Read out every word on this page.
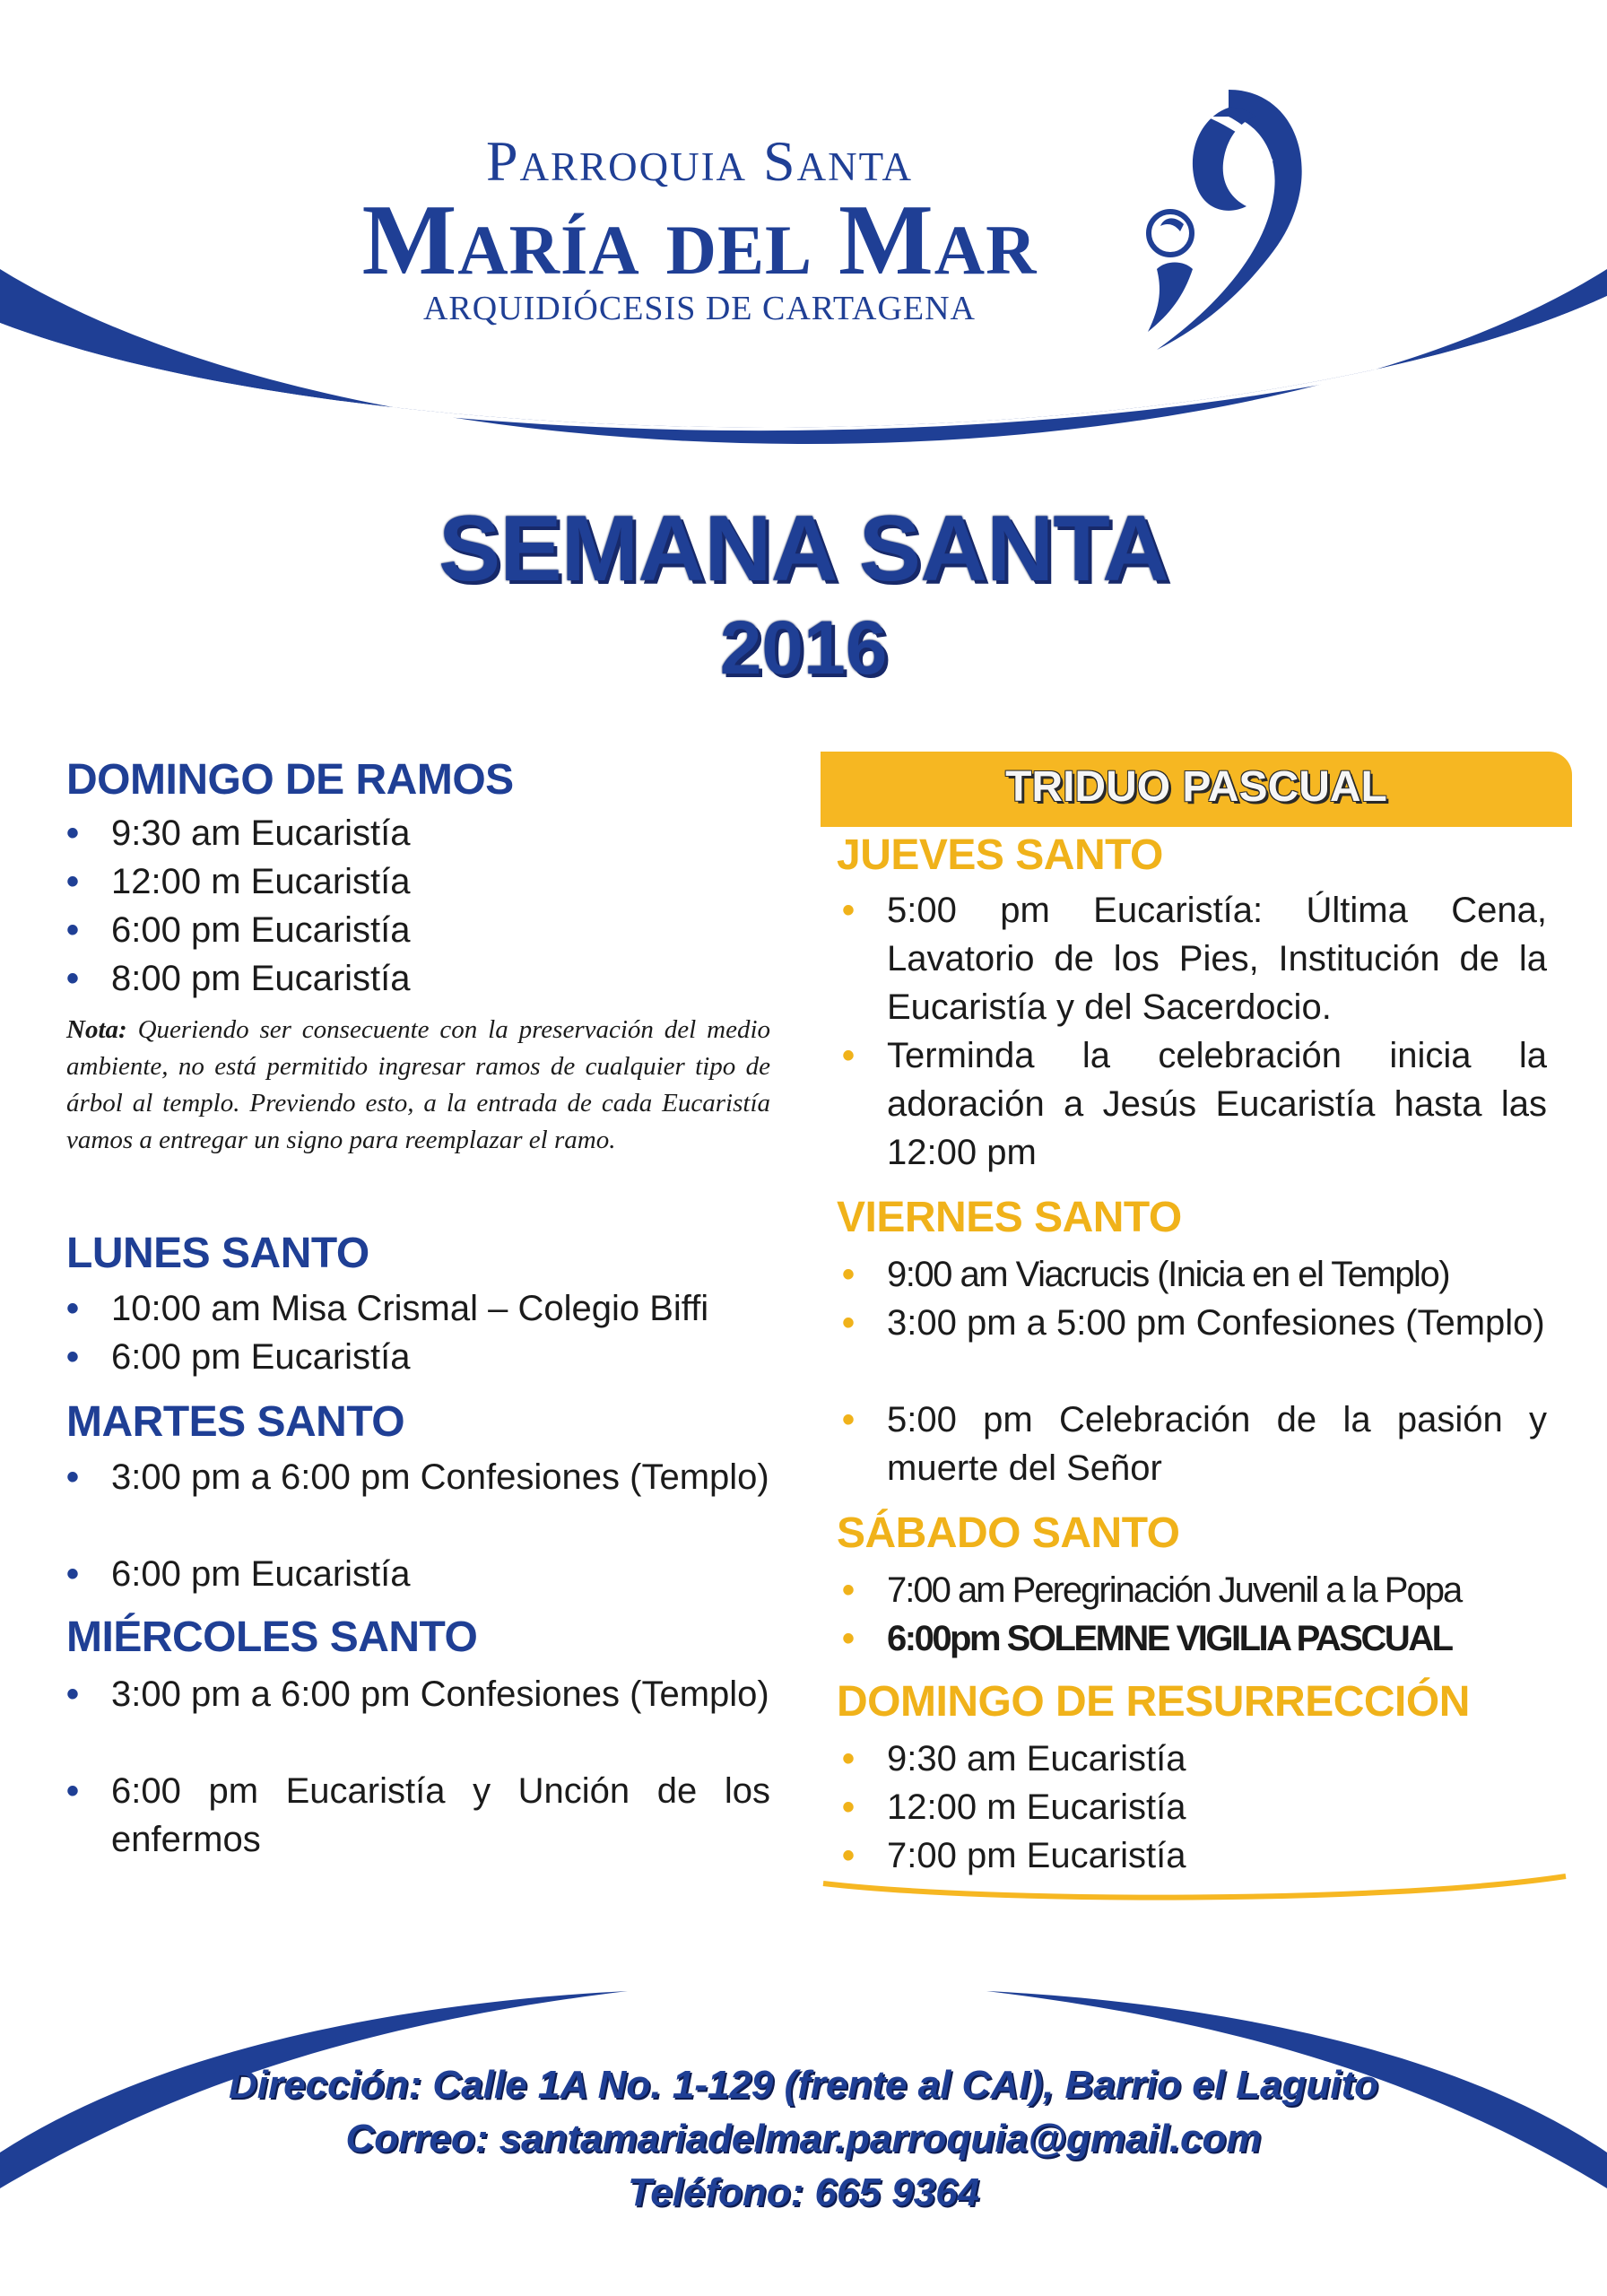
Parroquia Santa
María del Mar
ARQUIDIÓCESIS DE CARTAGENA
SEMANA SANTA
2016
DOMINGO DE RAMOS
• 9:30 am Eucaristía
• 12:00 m Eucaristía
• 6:00 pm Eucaristía
• 8:00 pm Eucaristía
Nota: Queriendo ser consecuente con la preservación del medio ambiente, no está permitido ingresar ramos de cualquier tipo de árbol al templo. Previendo esto, a la entrada de cada Eucaristía vamos a entregar un signo para reemplazar el ramo.
LUNES SANTO
• 10:00 am Misa Crismal – Colegio Biffi
• 6:00 pm Eucaristía
MARTES SANTO
• 3:00 pm a 6:00 pm Confesiones (Templo)
• 6:00 pm Eucaristía
MIÉRCOLES SANTO
• 3:00 pm a 6:00 pm Confesiones (Templo)
• 6:00 pm Eucaristía y Unción de los enfermos
TRIDUO PASCUAL
JUEVES SANTO
• 5:00 pm Eucaristía: Última Cena, Lavatorio de los Pies, Institución de la Eucaristía y del Sacerdocio.
• Terminda la celebración inicia la adoración a Jesús Eucaristía hasta las 12:00 pm
VIERNES SANTO
• 9:00 am Viacrucis (Inicia en el Templo)
• 3:00 pm a 5:00 pm Confesiones (Templo)
• 5:00 pm Celebración de la pasión y muerte del Señor
SÁBADO SANTO
• 7:00 am Peregrinación Juvenil a la Popa
• 6:00pm SOLEMNE VIGILIA PASCUAL
DOMINGO DE RESURRECCIÓN
• 9:30 am Eucaristía
• 12:00 m Eucaristía
• 7:00 pm Eucaristía
Dirección: Calle 1A No. 1-129 (frente al CAI), Barrio el Laguito
Correo: santamariadelmar.parroquia@gmail.com
Teléfono: 665 9364
